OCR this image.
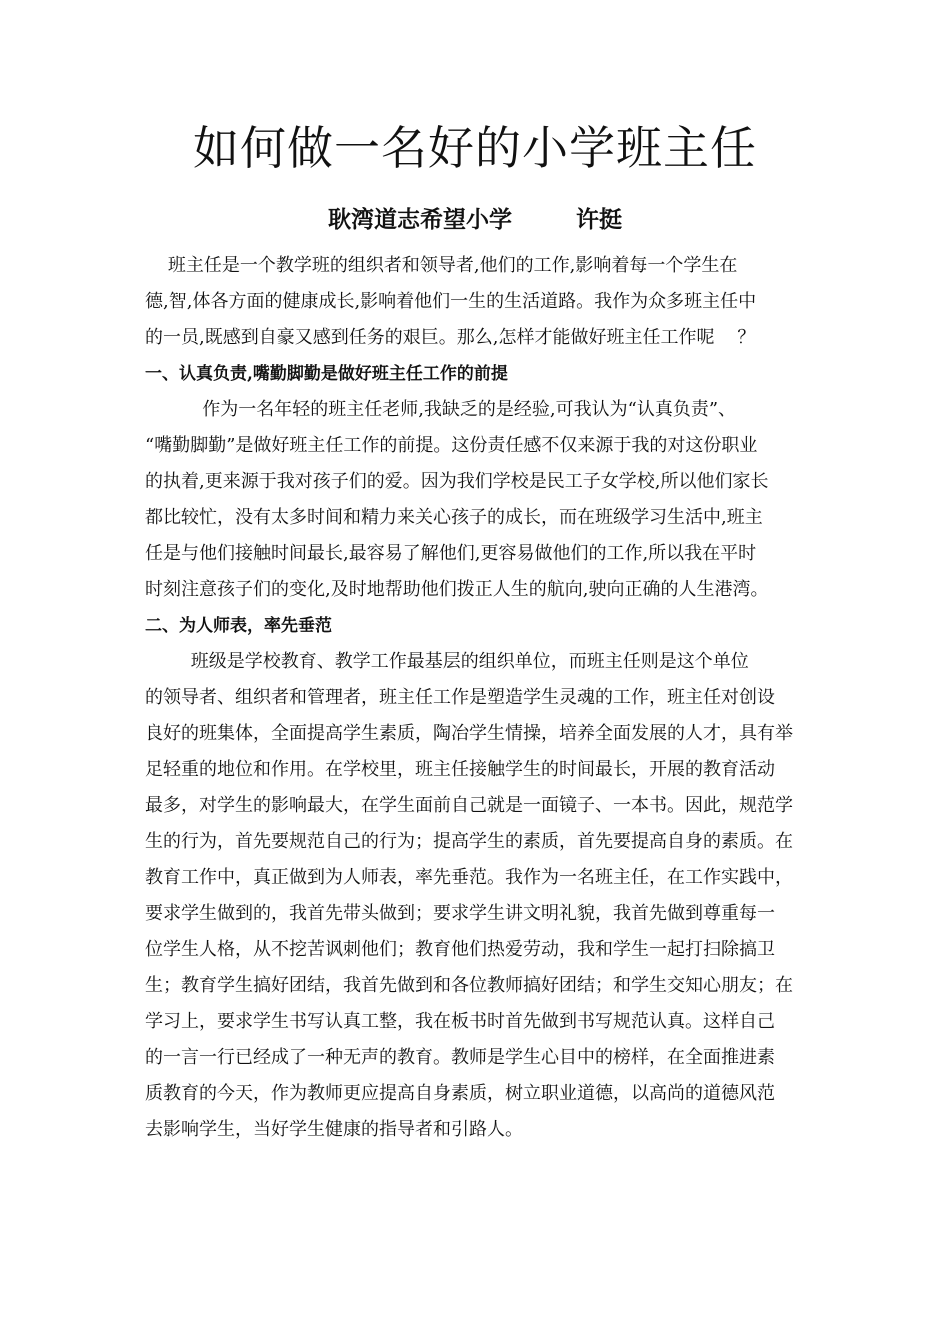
如何做一名好的小学班主任
耿湾道志希望小学        许挺
班主任是一个教学班的组织者和领导者,他们的工作,影响着每一个学生在
德,智,体各方面的健康成长,影响着他们一生的生活道路。我作为众多班主任中
的一员,既感到自豪又感到任务的艰巨。那么,怎样才能做好班主任工作呢    ？
一、认真负责,嘴勤脚勤是做好班主任工作的前提
作为一名年轻的班主任老师,我缺乏的是经验,可我认为“认真负责”、
“嘴勤脚勤”是做好班主任工作的前提。这份责任感不仅来源于我的对这份职业
的执着,更来源于我对孩子们的爱。因为我们学校是民工子女学校,所以他们家长
都比较忙，没有太多时间和精力来关心孩子的成长，而在班级学习生活中,班主
任是与他们接触时间最长,最容易了解他们,更容易做他们的工作,所以我在平时
时刻注意孩子们的变化,及时地帮助他们拨正人生的航向,驶向正确的人生港湾。
二、为人师表，率先垂范
班级是学校教育、教学工作最基层的组织单位，而班主任则是这个单位
的领导者、组织者和管理者，班主任工作是塑造学生灵魂的工作，班主任对创设
良好的班集体，全面提高学生素质，陶冶学生情操，培养全面发展的人才，具有举
足轻重的地位和作用。在学校里，班主任接触学生的时间最长，开展的教育活动
最多，对学生的影响最大，在学生面前自己就是一面镜子、一本书。因此，规范学
生的行为，首先要规范自己的行为；提高学生的素质，首先要提高自身的素质。在
教育工作中，真正做到为人师表，率先垂范。我作为一名班主任，在工作实践中，
要求学生做到的，我首先带头做到；要求学生讲文明礼貌，我首先做到尊重每一
位学生人格，从不挖苦讽刺他们；教育他们热爱劳动，我和学生一起打扫除搞卫
生；教育学生搞好团结，我首先做到和各位教师搞好团结；和学生交知心朋友；在
学习上，要求学生书写认真工整，我在板书时首先做到书写规范认真。这样自己
的一言一行已经成了一种无声的教育。教师是学生心目中的榜样，在全面推进素
质教育的今天，作为教师更应提高自身素质，树立职业道德，以高尚的道德风范
去影响学生，当好学生健康的指导者和引路人。
